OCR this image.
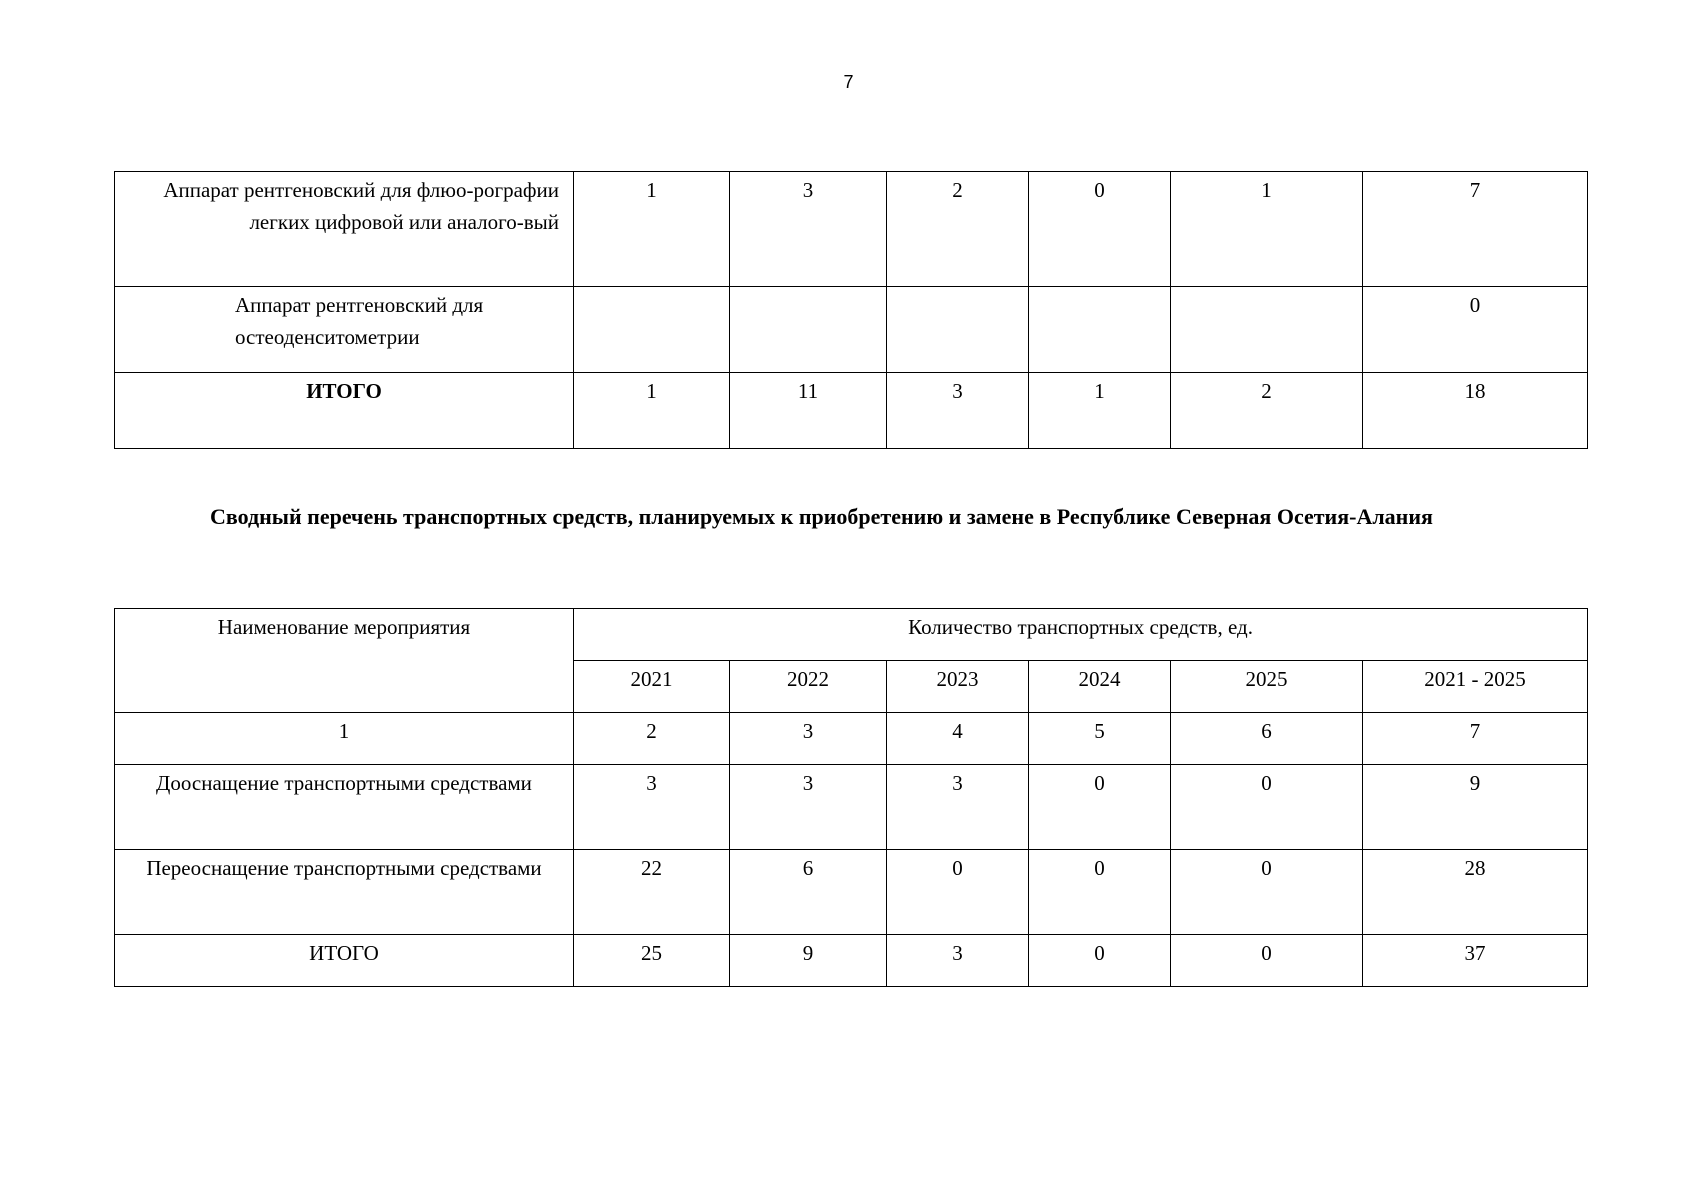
7
Аппарат рентгеновский для флюо-рографии легких цифровой или аналого-вый	1	3	2	0	1	7
Аппарат рентгеновский для остеоденситометрии						0
ИТОГО	1	11	3	1	2	18
Сводный перечень транспортных средств, планируемых к приобретению и замене в Республике Северная Осетия-Алания
Наименование мероприятия	Количество транспортных средств, ед.					
	2021	2022	2023	2024	2025	2021 - 2025
1	2	3	4	5	6	7
Дооснащение транспортными средствами	3	3	3	0	0	9
Переоснащение транспортными средствами	22	6	0	0	0	28
ИТОГО	25	9	3	0	0	37
